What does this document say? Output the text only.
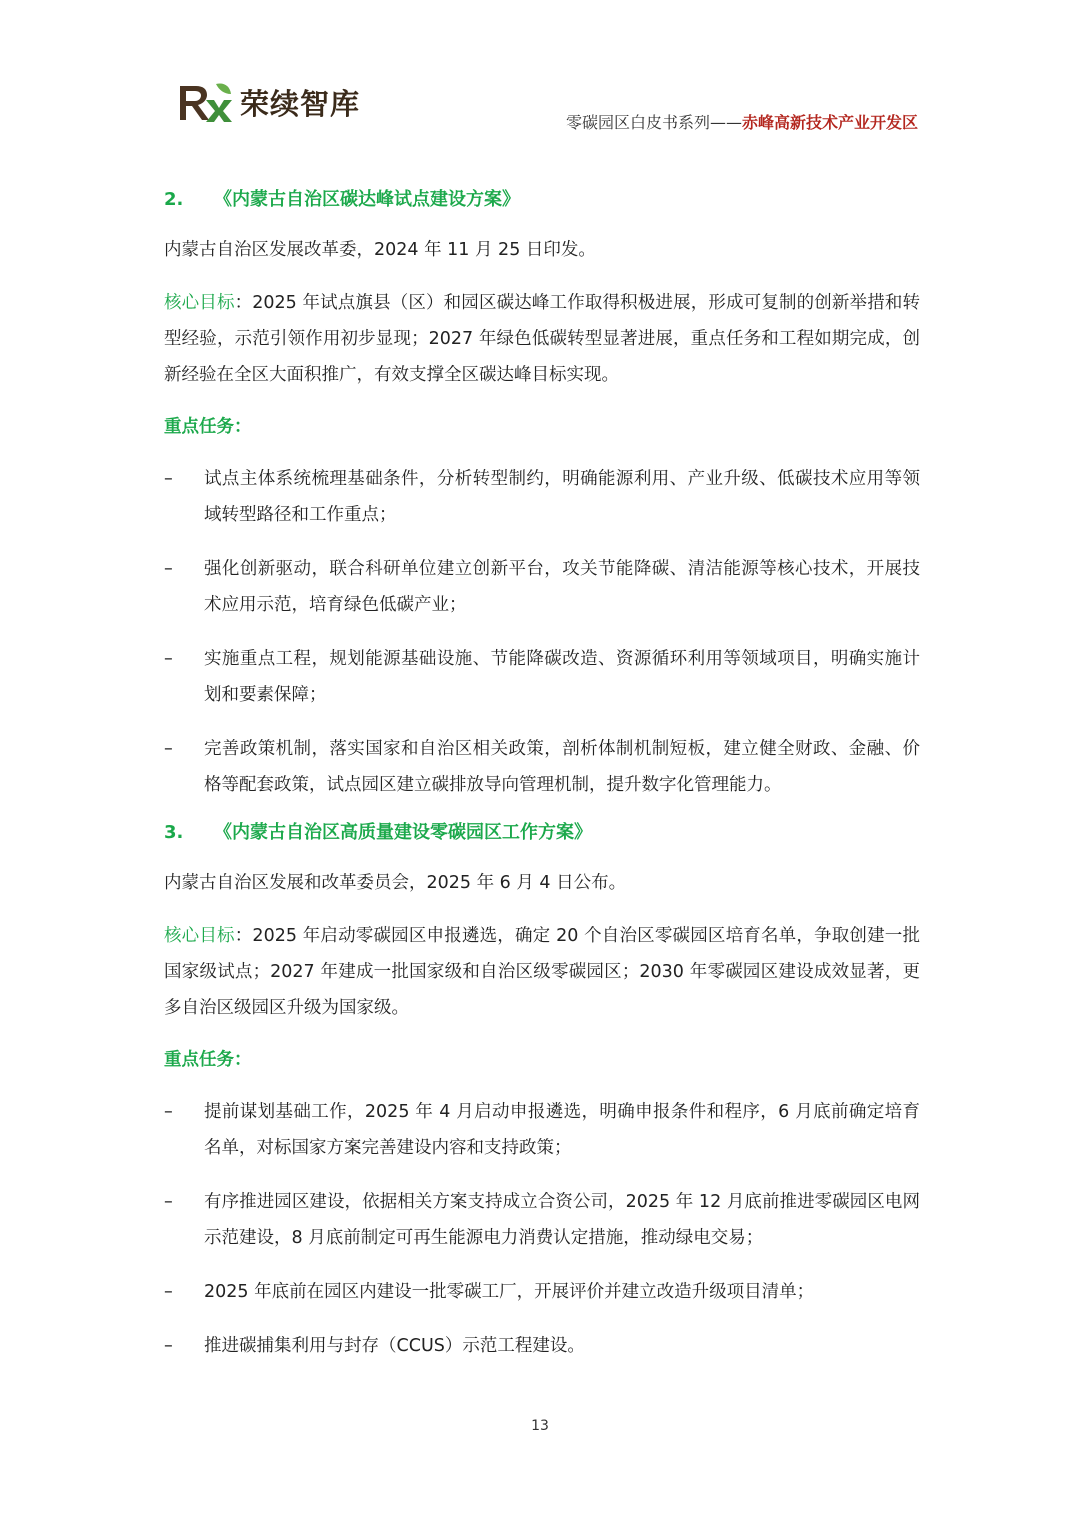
荣续智库
零碳园区白皮书系列——赤峰高新技术产业开发区
2.	《内蒙古自治区碳达峰试点建设方案》

内蒙古自治区发展改革委，2024 年 11 月 25 日印发。

核心目标：2025 年试点旗县（区）和园区碳达峰工作取得积极进展，形成可复制的创新举措和转型经验，示范引领作用初步显现；2027 年绿色低碳转型显著进展，重点任务和工程如期完成，创新经验在全区大面积推广，有效支撑全区碳达峰目标实现。

重点任务：

–	试点主体系统梳理基础条件，分析转型制约，明确能源利用、产业升级、低碳技术应用等领域转型路径和工作重点；
–	强化创新驱动，联合科研单位建立创新平台，攻关节能降碳、清洁能源等核心技术，开展技术应用示范，培育绿色低碳产业；
–	实施重点工程，规划能源基础设施、节能降碳改造、资源循环利用等领域项目，明确实施计划和要素保障；
–	完善政策机制，落实国家和自治区相关政策，剖析体制机制短板，建立健全财政、金融、价格等配套政策，试点园区建立碳排放导向管理机制，提升数字化管理能力。
3.	《内蒙古自治区高质量建设零碳园区工作方案》

内蒙古自治区发展和改革委员会，2025 年 6 月 4 日公布。

核心目标：2025 年启动零碳园区申报遴选，确定 20 个自治区零碳园区培育名单，争取创建一批国家级试点；2027 年建成一批国家级和自治区级零碳园区；2030 年零碳园区建设成效显著，更多自治区级园区升级为国家级。

重点任务：

–	提前谋划基础工作，2025 年 4 月启动申报遴选，明确申报条件和程序，6 月底前确定培育名单，对标国家方案完善建设内容和支持政策；
–	有序推进园区建设，依据相关方案支持成立合资公司，2025 年 12 月底前推进零碳园区电网示范建设，8 月底前制定可再生能源电力消费认定措施，推动绿电交易；
–	2025 年底前在园区内建设一批零碳工厂，开展评价并建立改造升级项目清单；
–	推进碳捕集利用与封存（CCUS）示范工程建设。
13
